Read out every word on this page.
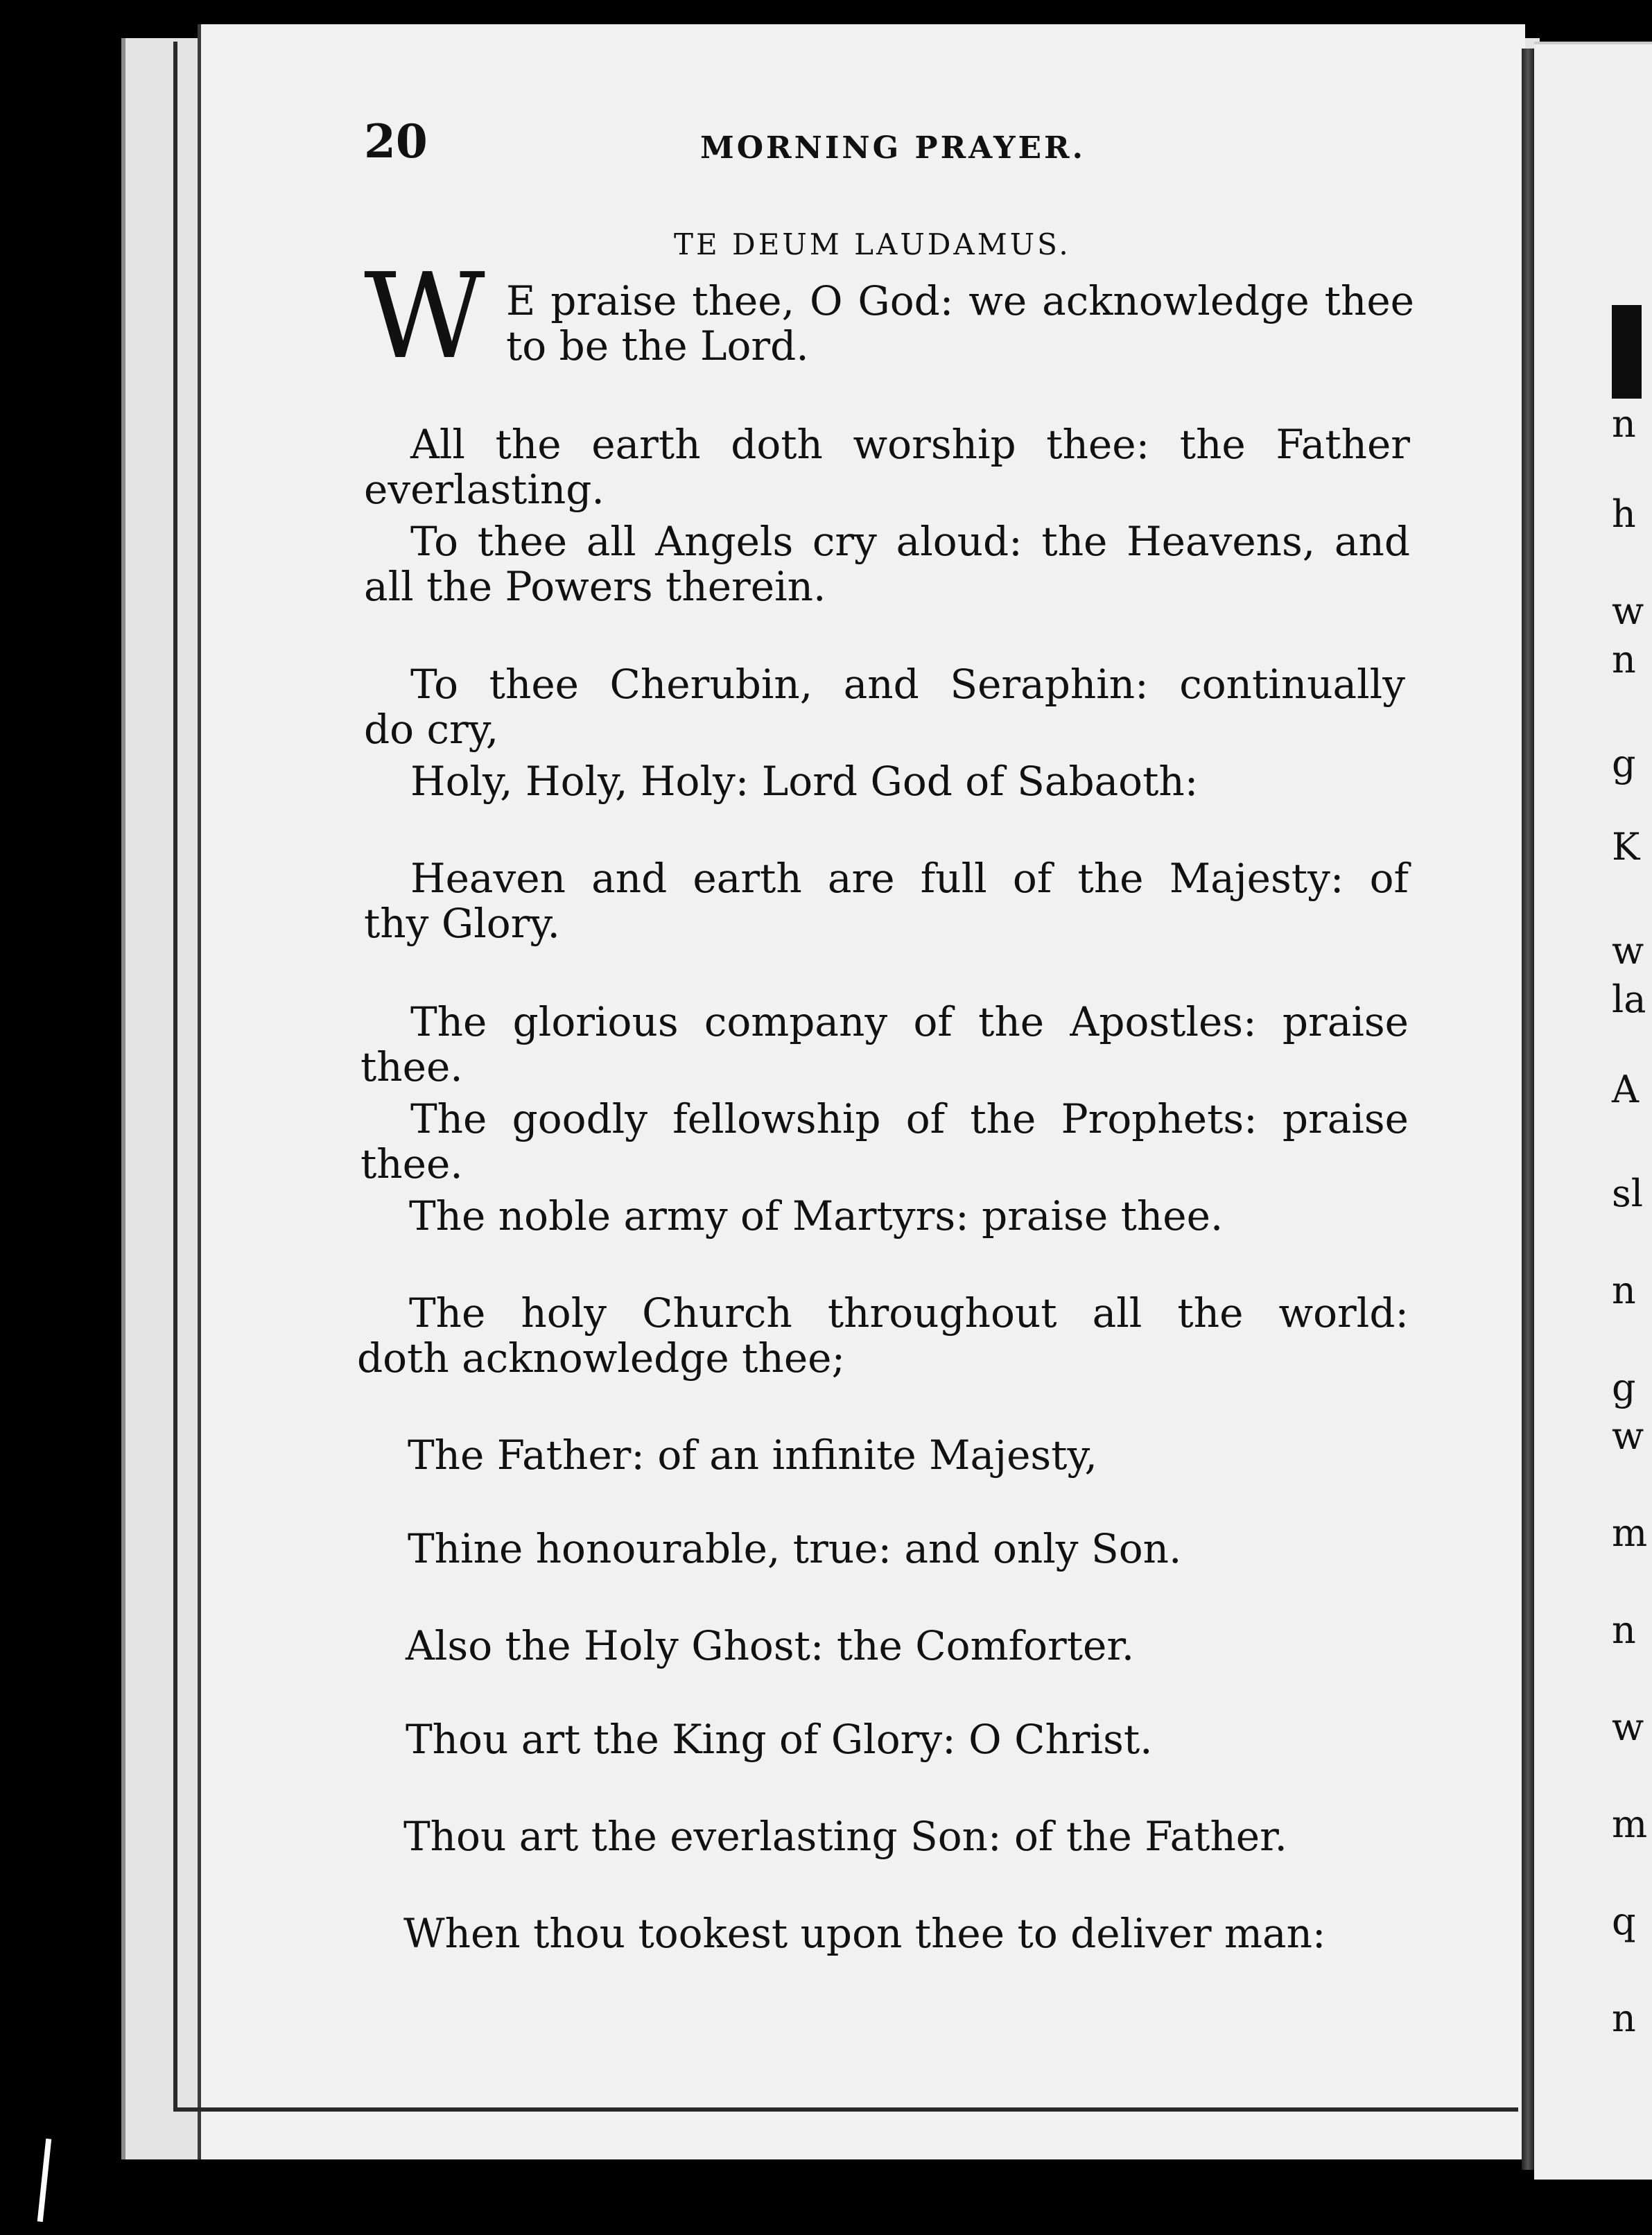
n
h
w
n
g
K
w
la
A
sl
n
g
w
m
n
w
m
q
n
20	MORNING PRAYER.
TE DEUM LAUDAMUS.
W E praise thee, O God: we acknowledge thee
to be the Lord.
All the earth doth worship thee: the Father
everlasting.
To thee all Angels cry aloud: the Heavens, and
all the Powers therein.
To thee Cherubin, and Seraphin: continually
do cry,
Holy, Holy, Holy: Lord God of Sabaoth:
Heaven and earth are full of the Majesty: of
thy Glory.
The glorious company of the Apostles: praise
thee.
The goodly fellowship of the Prophets: praise
thee.
The noble army of Martyrs: praise thee.
The holy Church throughout all the world:
doth acknowledge thee;
The Father: of an infinite Majesty,
Thine honourable, true: and only Son.
Also the Holy Ghost: the Comforter.
Thou art the King of Glory: O Christ.
Thou art the everlasting Son: of the Father.
When thou tookest upon thee to deliver man:
